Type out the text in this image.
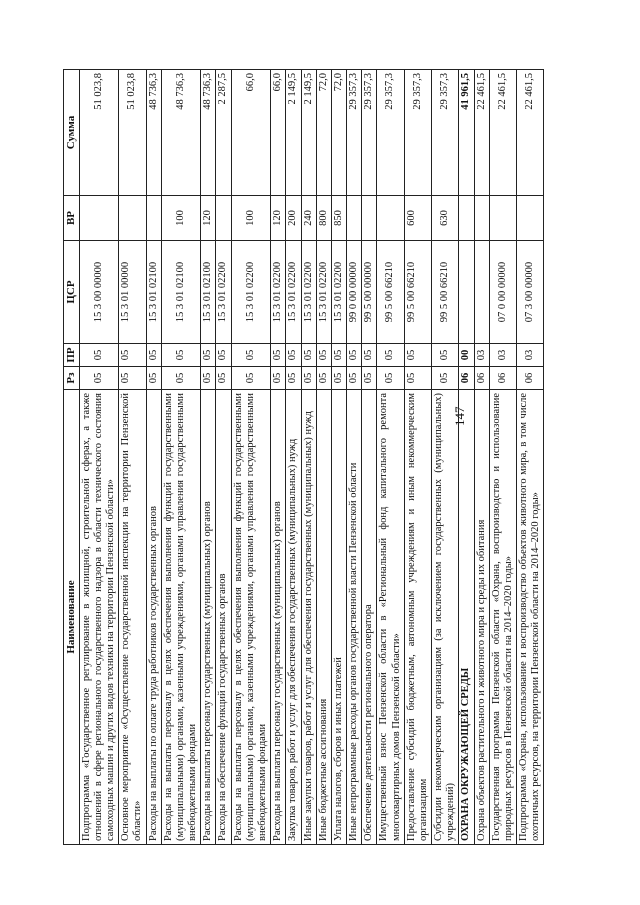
147
Наименование	Рз	ПР	ЦСР	ВР	Сумма
Подпрограмма «Государственное регулирование в жилищной, строительной сферах, а также отношений в сфере регионального государственного надзора в области технического состояния самоходных машин и других видов техники на территории Пензенской области»	05	05	15 3 00 00000		51 023,8
Основное мероприятие «Осуществление государственной инспекции на территории Пензенской области»	05	05	15 3 01 00000		51 023,8
Расходы на выплаты по оплате труда работников государственных органов	05	05	15 3 01 02100		48 736,3
Расходы на выплаты персоналу в целях обеспечения выполнения функций государственными (муниципальными) органами, казенными учреждениями, органами управления государственными внебюджетными фондами	05	05	15 3 01 02100	100	48 736,3
Расходы на выплаты персоналу государственных (муниципальных) органов	05	05	15 3 01 02100	120	48 736,3
Расходы на обеспечение функций государственных органов	05	05	15 3 01 02200		2 287,5
Расходы на выплаты персоналу в целях обеспечения выполнения функций государственными (муниципальными) органами, казенными учреждениями, органами управления государственными внебюджетными фондами	05	05	15 3 01 02200	100	66,0
Расходы на выплаты персоналу государственных (муниципальных) органов	05	05	15 3 01 02200	120	66,0
Закупка товаров, работ и услуг для обеспечения государственных (муниципальных) нужд	05	05	15 3 01 02200	200	2 149,5
Иные закупки товаров, работ и услуг для обеспечения государственных (муниципальных) нужд	05	05	15 3 01 02200	240	2 149,5
Иные бюджетные ассигнования	05	05	15 3 01 02200	800	72,0
Уплата налогов, сборов и иных платежей	05	05	15 3 01 02200	850	72,0
Иные непрограммные расходы органов государственной власти Пензенской области	05	05	99 0 00 00000		29 357,3
Обеспечение деятельности регионального оператора	05	05	99 5 00 00000		29 357,3
Имущественный взнос Пензенской области в «Региональный фонд капитального ремонта многоквартирных домов Пензенской области»	05	05	99 5 00 66210		29 357,3
Предоставление субсидий бюджетным, автономным учреждениям и иным некоммерческим организациям	05	05	99 5 00 66210	600	29 357,3
Субсидии некоммерческим организациям (за исключением государственных (муниципальных) учреждений)	05	05	99 5 00 66210	630	29 357,3
ОХРАНА ОКРУЖАЮЩЕЙ СРЕДЫ	06	00			41 961,5
Охрана объектов растительного и животного мира и среды их обитания	06	03			22 461,5
Государственная программа Пензенской области «Охрана, воспроизводство и использование природных ресурсов в Пензенской области на 2014–2020 годы»	06	03	07 0 00 00000		22 461,5
Подпрограмма «Охрана, использование и воспроизводство объектов животного мира, в том числе охотничьих ресурсов, на территории Пензенской области на 2014–2020 годы»	06	03	07 3 00 00000		22 461,5
